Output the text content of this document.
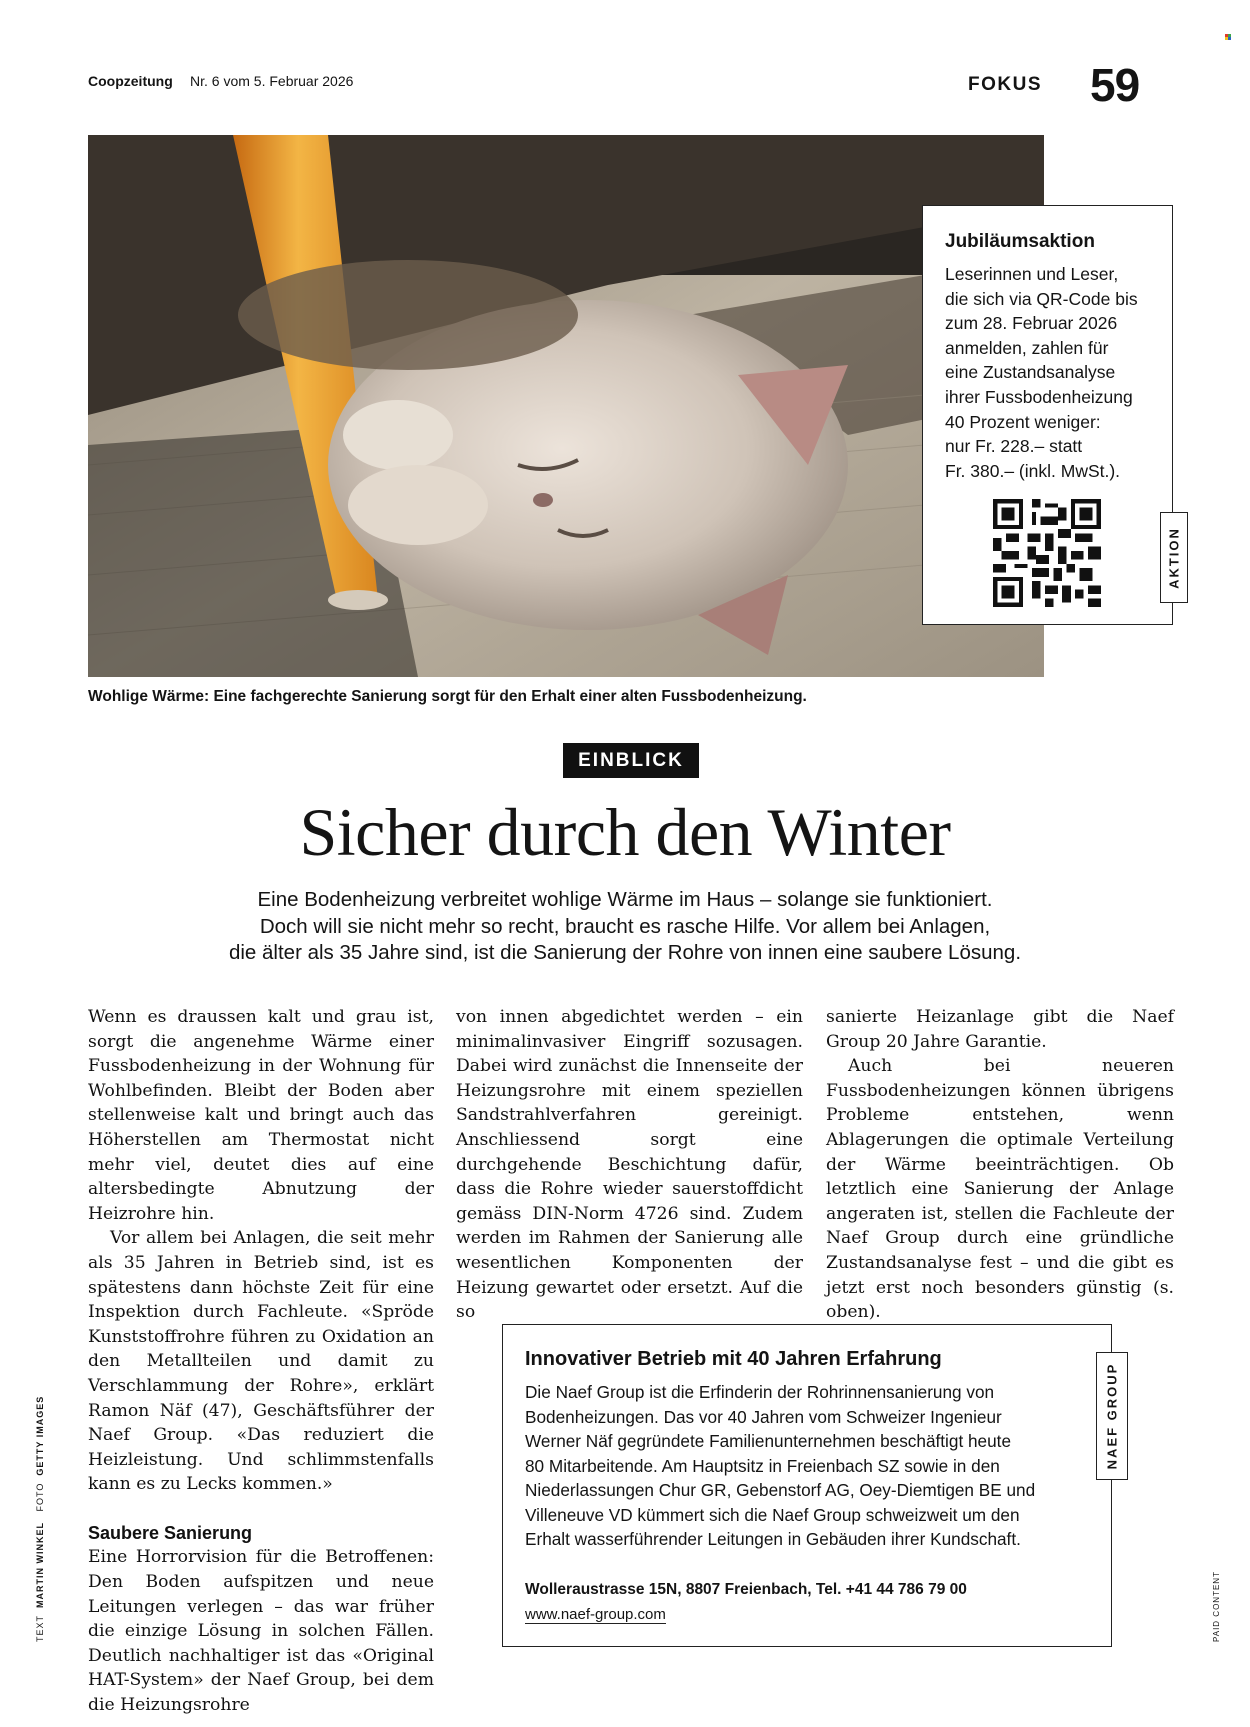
Coopzeitung Nr. 6 vom 5. Februar 2026	FOKUS 59
Jubiläumsaktion
Leserinnen und Leser,
die sich via QR-Code bis
zum 28. Februar 2026
anmelden, zahlen für
eine Zustandsanalyse
ihrer Fussbodenheizung
40 Prozent weniger:
nur Fr. 228.– statt
Fr. 380.– (inkl. MwSt.).
AKTION
Wohlige Wärme: Eine fachgerechte Sanierung sorgt für den Erhalt einer alten Fussbodenheizung.
EINBLICK
Sicher durch den Winter
Eine Bodenheizung verbreitet wohlige Wärme im Haus – solange sie funktioniert.
Doch will sie nicht mehr so recht, braucht es rasche Hilfe. Vor allem bei Anlagen,
die älter als 35 Jahre sind, ist die Sanierung der Rohre von innen eine saubere Lösung.

Wenn es draussen kalt und grau ist, sorgt die angenehme Wärme einer Fussbodenheizung in der Wohnung für Wohlbefinden. Bleibt der Boden aber stellenweise kalt und bringt auch das Höherstellen am Thermostat nicht mehr viel, deutet dies auf eine altersbedingte Abnutzung der Heizrohre hin.

Vor allem bei Anlagen, die seit mehr als 35 Jahren in Betrieb sind, ist es spätestens dann höchste Zeit für eine Inspektion durch Fachleute. «Spröde Kunststoffrohre führen zu Oxidation an den Metallteilen und damit zu Verschlammung der Rohre», erklärt Ramon Näf (47), Geschäftsführer der Naef Group. «Das reduziert die Heizleistung. Und schlimmstenfalls kann es zu Lecks kommen.»

Saubere Sanierung

Eine Horrorvision für die Betroffenen: Den Boden aufspitzen und neue Leitungen verlegen – das war früher die einzige Lösung in solchen Fällen. Deutlich nachhaltiger ist das «Original HAT-System» der Naef Group, bei dem die Heizungsrohre

von innen abgedichtet werden – ein minimalinvasiver Eingriff sozusagen. Dabei wird zunächst die Innenseite der Heizungsrohre mit einem speziellen Sandstrahlverfahren gereinigt. Anschliessend sorgt eine durchgehende Beschichtung dafür, dass die Rohre wieder sauerstoffdicht gemäss DIN-Norm 4726 sind. Zudem werden im Rahmen der Sanierung alle wesentlichen Komponenten der Heizung gewartet oder ersetzt. Auf die so

sanierte Heizanlage gibt die Naef Group 20 Jahre Garantie.

Auch bei neueren Fussbodenheizungen können übrigens Probleme entstehen, wenn Ablagerungen die optimale Verteilung der Wärme beeinträchtigen. Ob letztlich eine Sanierung der Anlage angeraten ist, stellen die Fachleute der Naef Group durch eine gründliche Zustandsanalyse fest – und die gibt es jetzt erst noch besonders günstig (s. oben).

Innovativer Betrieb mit 40 Jahren Erfahrung
Die Naef Group ist die Erfinderin der Rohrinnensanierung von
Bodenheizungen. Das vor 40 Jahren vom Schweizer Ingenieur
Werner Näf gegründete Familienunternehmen beschäftigt heute
80 Mitarbeitende. Am Hauptsitz in Freienbach SZ sowie in den
Niederlassungen Chur GR, Gebenstorf AG, Oey-Diemtigen BE und
Villeneuve VD kümmert sich die Naef Group schweizweit um den
Erhalt wasserführender Leitungen in Gebäuden ihrer Kundschaft.
Wolleraustrasse 15N, 8807 Freienbach, Tel. +41 44 786 79 00
www.naef-group.com
NAEF GROUP
TEXT  MARTIN WINKEL   FOTO  GETTY IMAGES
PAID CONTENT
